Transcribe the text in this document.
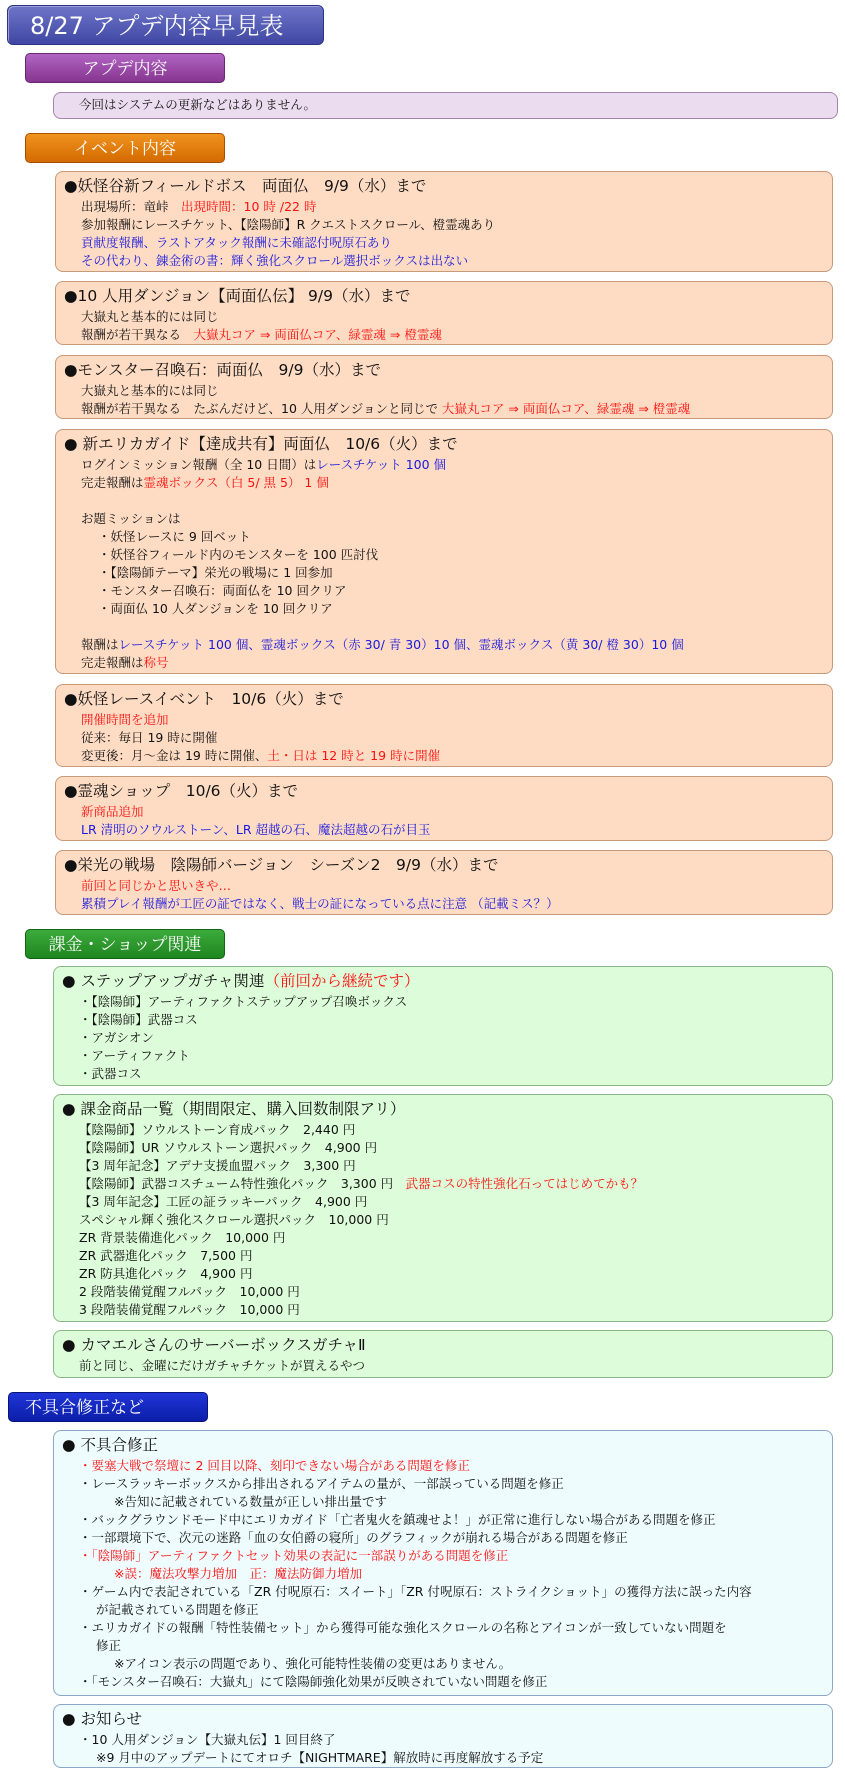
8/27 アプデ内容早見表
アプデ内容
今回はシステムの更新などはありません。
イベント内容
●妖怪谷新フィールドボス　両面仏　9/9（水）まで
出現場所：竜峠　出現時間：10 時 /22 時
参加報酬にレースチケット、【陰陽師】R クエストスクロール、橙霊魂あり
貢献度報酬、ラストアタック報酬に未確認付呪原石あり
その代わり、錬金術の書：輝く強化スクロール選択ボックスは出ない
●10 人用ダンジョン【両面仏伝】 9/9（水）まで
大嶽丸と基本的には同じ
報酬が若干異なる　大嶽丸コア ⇒ 両面仏コア、緑霊魂 ⇒ 橙霊魂
●モンスター召喚石：両面仏　9/9（水）まで
大嶽丸と基本的には同じ
報酬が若干異なる　たぶんだけど、10 人用ダンジョンと同じで 大嶽丸コア ⇒ 両面仏コア、緑霊魂 ⇒ 橙霊魂
● 新エリカガイド【達成共有】両面仏　10/6（火）まで
ログインミッション報酬（全 10 日間）はレースチケット 100 個
完走報酬は霊魂ボックス（白 5/ 黒 5） 1 個
お題ミッションは
・妖怪レースに 9 回ベット
・妖怪谷フィールド内のモンスターを 100 匹討伐
・【陰陽師テーマ】栄光の戦場に 1 回参加
・モンスター召喚石：両面仏を 10 回クリア
・両面仏 10 人ダンジョンを 10 回クリア
報酬はレースチケット 100 個、霊魂ボックス（赤 30/ 青 30）10 個、霊魂ボックス（黄 30/ 橙 30）10 個
完走報酬は称号
●妖怪レースイベント　10/6（火）まで
開催時間を追加
従来：毎日 19 時に開催
変更後：月～金は 19 時に開催、土・日は 12 時と 19 時に開催
●霊魂ショップ　10/6（火）まで
新商品追加
LR 清明のソウルストーン、LR 超越の石、魔法超越の石が目玉
●栄光の戦場　陰陽師バージョン　シーズン2　9/9（水）まで
前回と同じかと思いきや…
累積プレイ報酬が工匠の証ではなく、戦士の証になっている点に注意 （記載ミス？）
課金・ショップ関連
● ステップアップガチャ関連（前回から継続です）
・【陰陽師】アーティファクトステップアップ召喚ボックス
・【陰陽師】武器コス
・アガシオン
・アーティファクト
・武器コス
● 課金商品一覧（期間限定、購入回数制限アリ）
【陰陽師】ソウルストーン育成パック　2,440 円
【陰陽師】UR ソウルストーン選択パック　4,900 円
【3 周年記念】アデナ支援血盟パック　3,300 円
【陰陽師】武器コスチューム特性強化パック　3,300 円　武器コスの特性強化石ってはじめてかも？
【3 周年記念】工匠の証ラッキーパック　4,900 円
スペシャル輝く強化スクロール選択パック　10,000 円
ZR 背景装備進化パック　10,000 円
ZR 武器進化パック　7,500 円
ZR 防具進化パック　4,900 円
2 段階装備覚醒フルパック　10,000 円
3 段階装備覚醒フルパック　10,000 円
● カマエルさんのサーバーボックスガチャⅡ
前と同じ、金曜にだけガチャチケットが買えるやつ
不具合修正など
● 不具合修正
・要塞大戦で祭壇に 2 回目以降、刻印できない場合がある問題を修正
・レースラッキーボックスから排出されるアイテムの量が、一部誤っている問題を修正
※告知に記載されている数量が正しい排出量です
・バックグラウンドモード中にエリカガイド「亡者鬼火を鎮魂せよ！」が正常に進行しない場合がある問題を修正
・一部環境下で、次元の迷路「血の女伯爵の寝所」のグラフィックが崩れる場合がある問題を修正
・「陰陽師」アーティファクトセット効果の表記に一部誤りがある問題を修正
※誤：魔法攻撃力増加　正：魔法防御力増加
・ゲーム内で表記されている「ZR 付呪原石：スイート」「ZR 付呪原石：ストライクショット」の獲得方法に誤った内容
が記載されている問題を修正
・エリカガイドの報酬「特性装備セット」から獲得可能な強化スクロールの名称とアイコンが一致していない問題を
修正
※アイコン表示の問題であり、強化可能特性装備の変更はありません。
・「モンスター召喚石：大嶽丸」にて陰陽師強化効果が反映されていない問題を修正
● お知らせ
・10 人用ダンジョン【大嶽丸伝】1 回目終了
※9 月中のアップデートにてオロチ【NIGHTMARE】解放時に再度解放する予定
